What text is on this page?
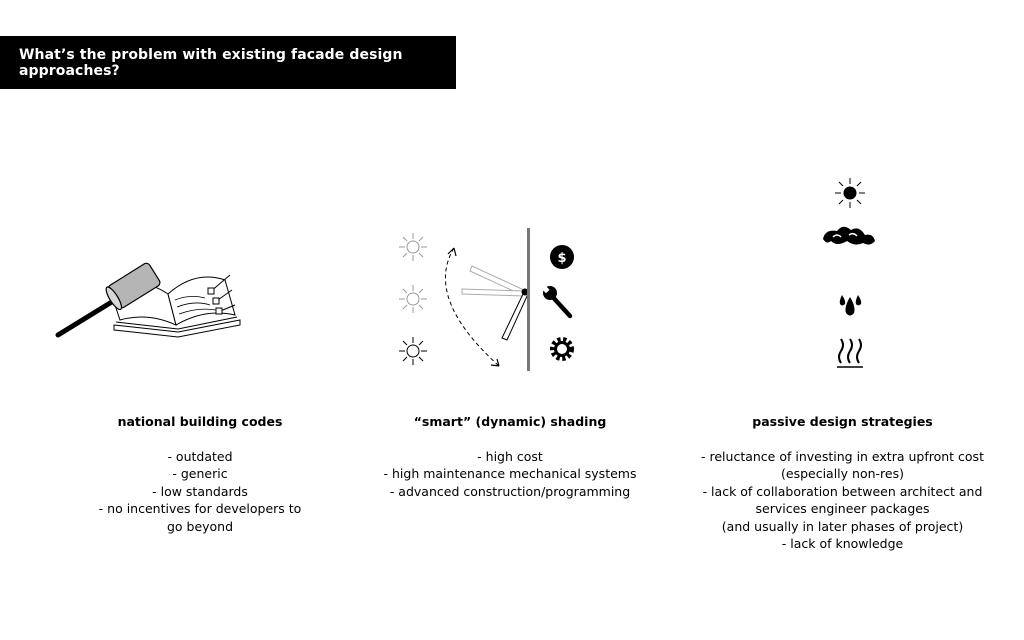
What’s the problem with existing facade design approaches?
$
national building codes
- outdated
- generic
- low standards
- no incentives for developers to
go beyond
“smart” (dynamic) shading
- high cost
- high maintenance mechanical systems
- advanced construction/programming
passive design strategies
- reluctance of investing in extra upfront cost
(especially non-res)
- lack of collaboration between architect and
services engineer packages
(and usually in later phases of project)
- lack of knowledge
